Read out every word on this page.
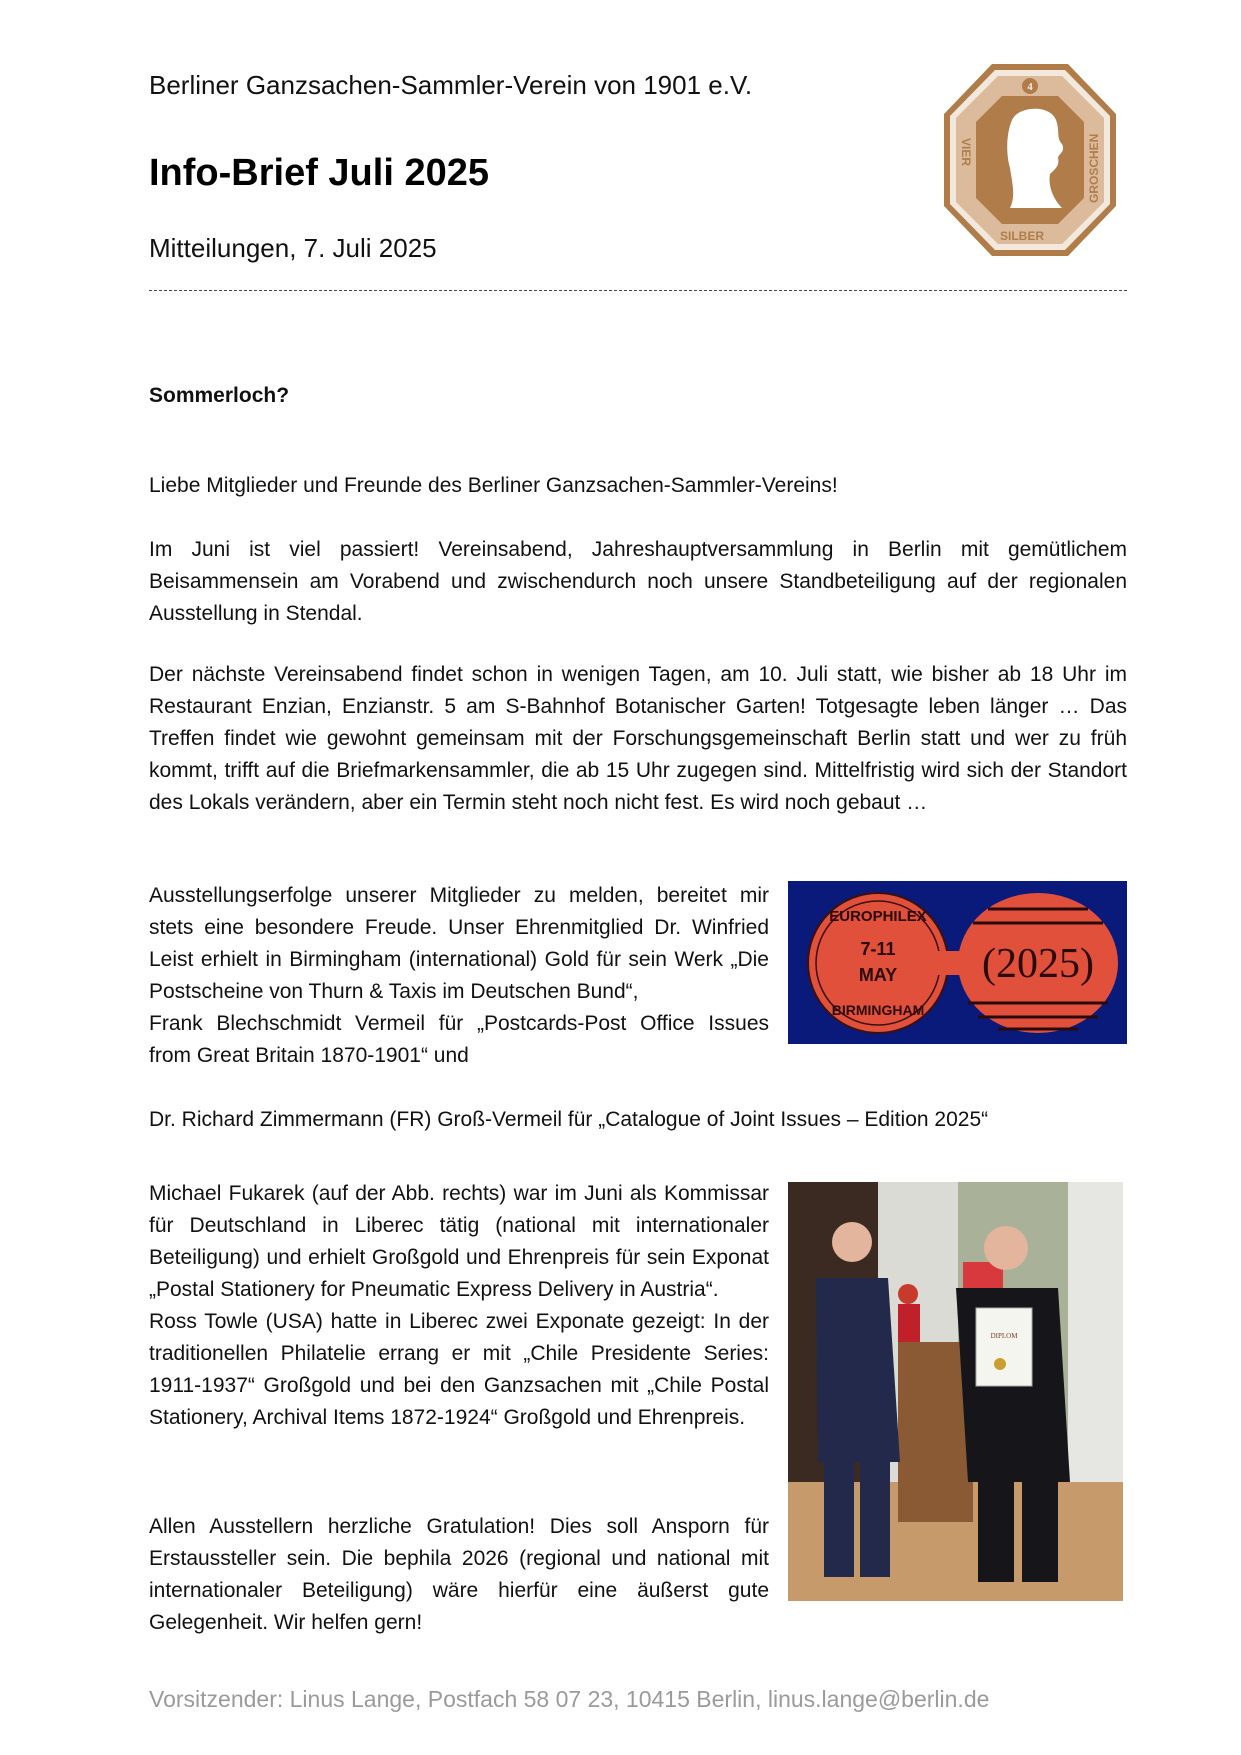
Berliner Ganzsachen-Sammler-Verein von 1901 e.V.
Info-Brief Juli 2025
Mitteilungen, 7. Juli 2025
4
VIER
SILBER
GROSCHEN
Sommerloch?

Liebe Mitglieder und Freunde des Berliner Ganzsachen-Sammler-Vereins!

Im Juni ist viel passiert! Vereinsabend, Jahreshauptversammlung in Berlin mit gemütlichem Beisammensein am Vorabend und zwischendurch noch unsere Standbeteiligung auf der regionalen Ausstellung in Stendal.

Der nächste Vereinsabend findet schon in wenigen Tagen, am 10. Juli statt, wie bisher ab 18 Uhr im Restaurant Enzian, Enzianstr. 5 am S-Bahnhof Botanischer Garten! Totgesagte leben länger … Das Treffen findet wie gewohnt gemeinsam mit der Forschungsgemeinschaft Berlin statt und wer zu früh kommt, trifft auf die Briefmarkensammler, die ab 15 Uhr zugegen sind. Mittelfristig wird sich der Standort des Lokals verändern, aber ein Termin steht noch nicht fest. Es wird noch gebaut …

Ausstellungserfolge unserer Mitglieder zu melden, bereitet mir stets eine besondere Freude. Unser Ehrenmitglied Dr. Winfried Leist erhielt in Birmingham (international) Gold für sein Werk „Die Postscheine von Thurn & Taxis im Deutschen Bund“,

Frank Blechschmidt Vermeil für „Postcards-Post Office Issues from Great Britain 1870-1901“ und

Dr. Richard Zimmermann (FR) Groß-Vermeil für „Catalogue of Joint Issues – Edition 2025“

EUROPHILEX
7-11
MAY
BIRMINGHAM
(2025)

Michael Fukarek (auf der Abb. rechts) war im Juni als Kommissar für Deutschland in Liberec tätig (national mit internationaler Beteiligung) und erhielt Großgold und Ehrenpreis für sein Exponat „Postal Stationery for Pneumatic Express Delivery in Austria“.

Ross Towle (USA) hatte in Liberec zwei Exponate gezeigt: In der traditionellen Philatelie errang er mit „Chile Presidente Series: 1911-1937“ Großgold und bei den Ganzsachen mit „Chile Postal Stationery, Archival Items 1872-1924“ Großgold und Ehrenpreis.

Allen Ausstellern herzliche Gratulation! Dies soll Ansporn für Erstaussteller sein. Die bephila 2026 (regional und national mit internationaler Beteiligung) wäre hierfür eine äußerst gute Gelegenheit. Wir helfen gern!

DIPLOM
Vorsitzender: Linus Lange, Postfach 58 07 23, 10415 Berlin, linus.lange@berlin.de
